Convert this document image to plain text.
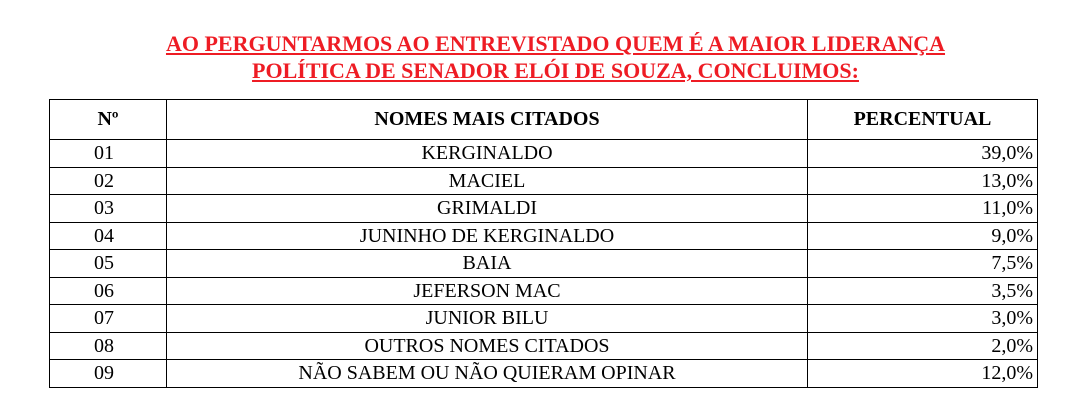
AO PERGUNTARMOS AO ENTREVISTADO QUEM É A MAIOR LIDERANÇA
POLÍTICA DE SENADOR ELÓI DE SOUZA, CONCLUIMOS:
Nº	NOMES MAIS CITADOS	PERCENTUAL
01	KERGINALDO	39,0%
02	MACIEL	13,0%
03	GRIMALDI	11,0%
04	JUNINHO DE KERGINALDO	9,0%
05	BAIA	7,5%
06	JEFERSON MAC	3,5%
07	JUNIOR BILU	3,0%
08	OUTROS NOMES CITADOS	2,0%
09	NÃO SABEM OU NÃO QUIERAM OPINAR	12,0%
